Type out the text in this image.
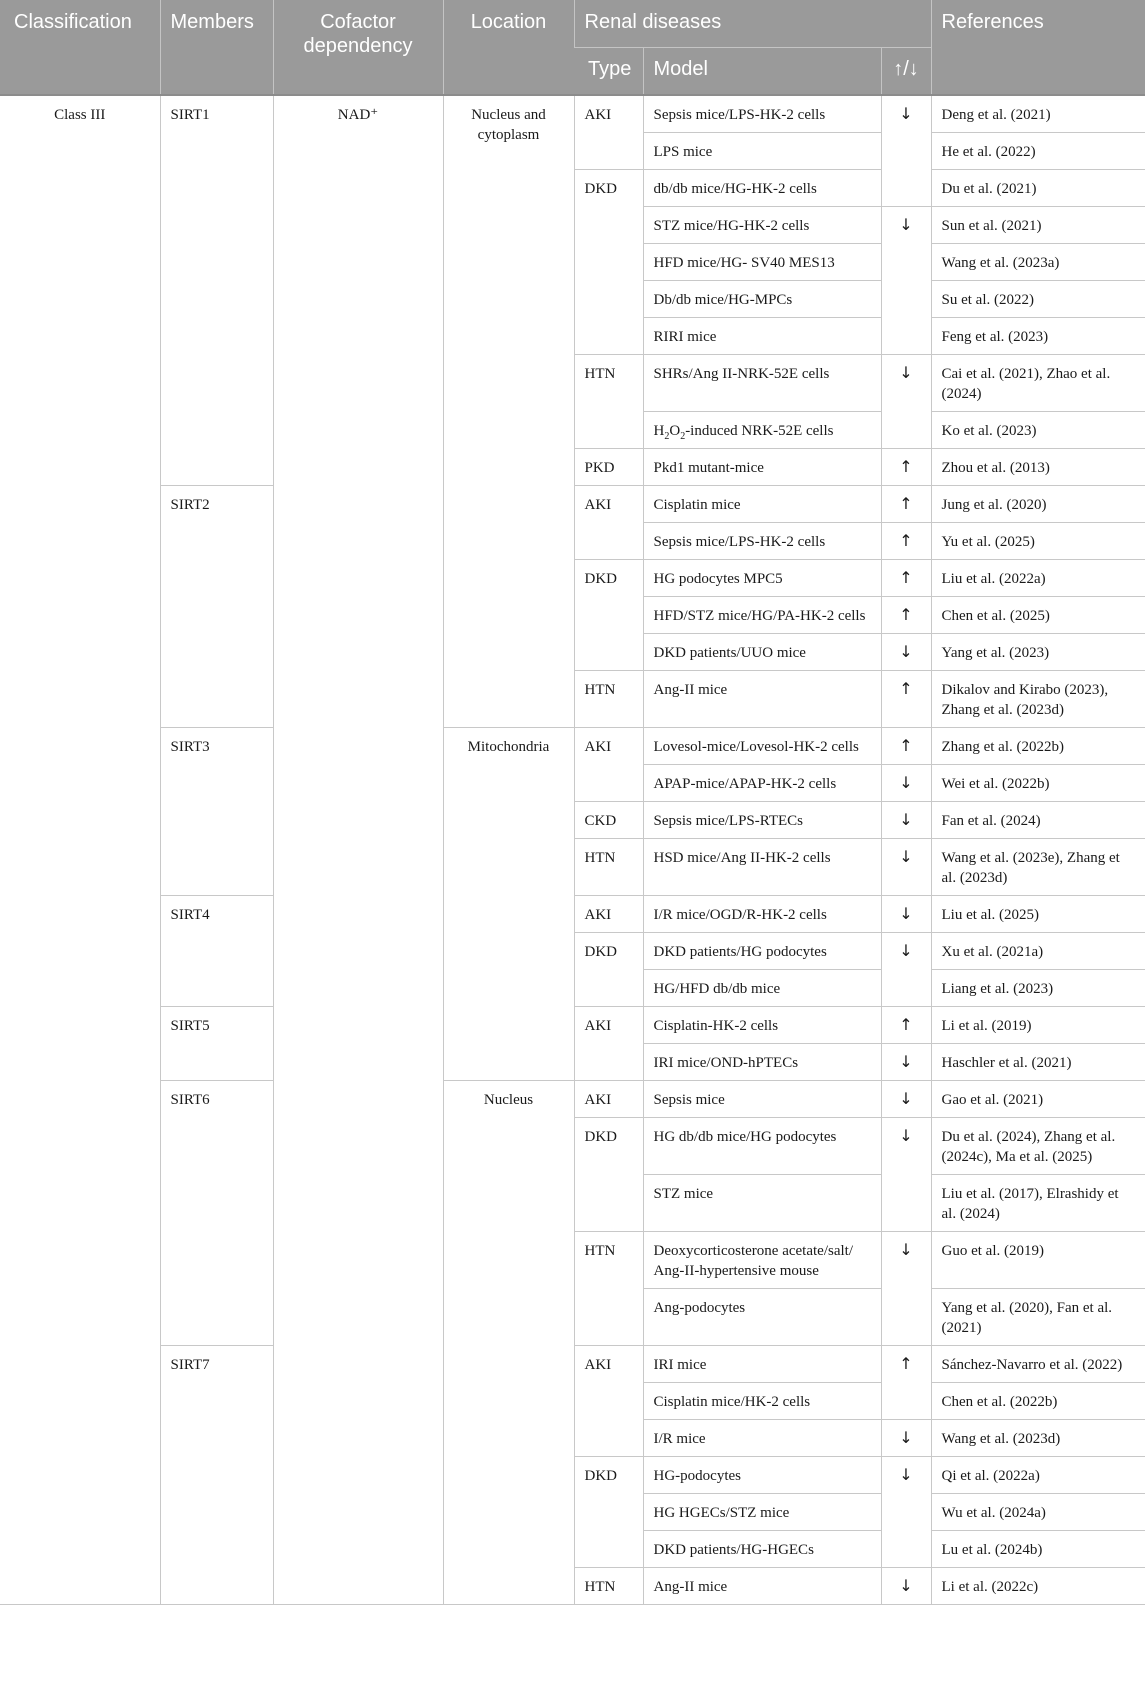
Classification	Members	Cofactor dependency	Location	Renal diseases			References
				Type	Model	↑/↓	
Class III	SIRT1	NAD⁺	Nucleus and cytoplasm	AKI	Sepsis mice/LPS-HK-2 cells	↓	Deng et al. (2021)
					LPS mice		He et al. (2022)
				DKD	db/db mice/HG-HK-2 cells		Du et al. (2021)
					STZ mice/HG-HK-2 cells	↓	Sun et al. (2021)
					HFD mice/HG- SV40 MES13		Wang et al. (2023a)
					Db/db mice/HG-MPCs		Su et al. (2022)
					RIRI mice		Feng et al. (2023)
				HTN	SHRs/Ang II-NRK-52E cells	↓	Cai et al. (2021), Zhao et al. (2024)
					$H_2O_2$-induced NRK-52E cells		Ko et al. (2023)
				PKD	Pkd1 mutant-mice	↑	Zhou et al. (2013)
	SIRT2			AKI	Cisplatin mice	↑	Jung et al. (2020)
					Sepsis mice/LPS-HK-2 cells	↑	Yu et al. (2025)
				DKD	HG podocytes MPC5	↑	Liu et al. (2022a)
					HFD/STZ mice/HG/PA-HK-2 cells	↑	Chen et al. (2025)
					DKD patients/UUO mice	↓	Yang et al. (2023)
				HTN	Ang-II mice	↑	Dikalov and Kirabo (2023), Zhang et al. (2023d)
	SIRT3		Mitochondria	AKI	Lovesol-mice/Lovesol-HK-2 cells	↑	Zhang et al. (2022b)
					APAP-mice/APAP-HK-2 cells	↓	Wei et al. (2022b)
				CKD	Sepsis mice/LPS-RTECs	↓	Fan et al. (2024)
				HTN	HSD mice/Ang II-HK-2 cells	↓	Wang et al. (2023e), Zhang et al. (2023d)
	SIRT4			AKI	I/R mice/OGD/R-HK-2 cells	↓	Liu et al. (2025)
				DKD	DKD patients/HG podocytes	↓	Xu et al. (2021a)
					HG/HFD db/db mice		Liang et al. (2023)
	SIRT5			AKI	Cisplatin-HK-2 cells	↑	Li et al. (2019)
					IRI mice/OND-hPTECs	↓	Haschler et al. (2021)
	SIRT6		Nucleus	AKI	Sepsis mice	↓	Gao et al. (2021)
				DKD	HG db/db mice/HG podocytes	↓	Du et al. (2024), Zhang et al. (2024c), Ma et al. (2025)
					STZ mice		Liu et al. (2017), Elrashidy et al. (2024)
				HTN	Deoxycorticosterone acetate/salt/ Ang-II-hypertensive mouse	↓	Guo et al. (2019)
					Ang-podocytes		Yang et al. (2020), Fan et al. (2021)
	SIRT7			AKI	IRI mice	↑	Sánchez-Navarro et al. (2022)
					Cisplatin mice/HK-2 cells		Chen et al. (2022b)
					I/R mice	↓	Wang et al. (2023d)
				DKD	HG-podocytes	↓	Qi et al. (2022a)
					HG HGECs/STZ mice		Wu et al. (2024a)
					DKD patients/HG-HGECs		Lu et al. (2024b)
				HTN	Ang-II mice	↓	Li et al. (2022c)
